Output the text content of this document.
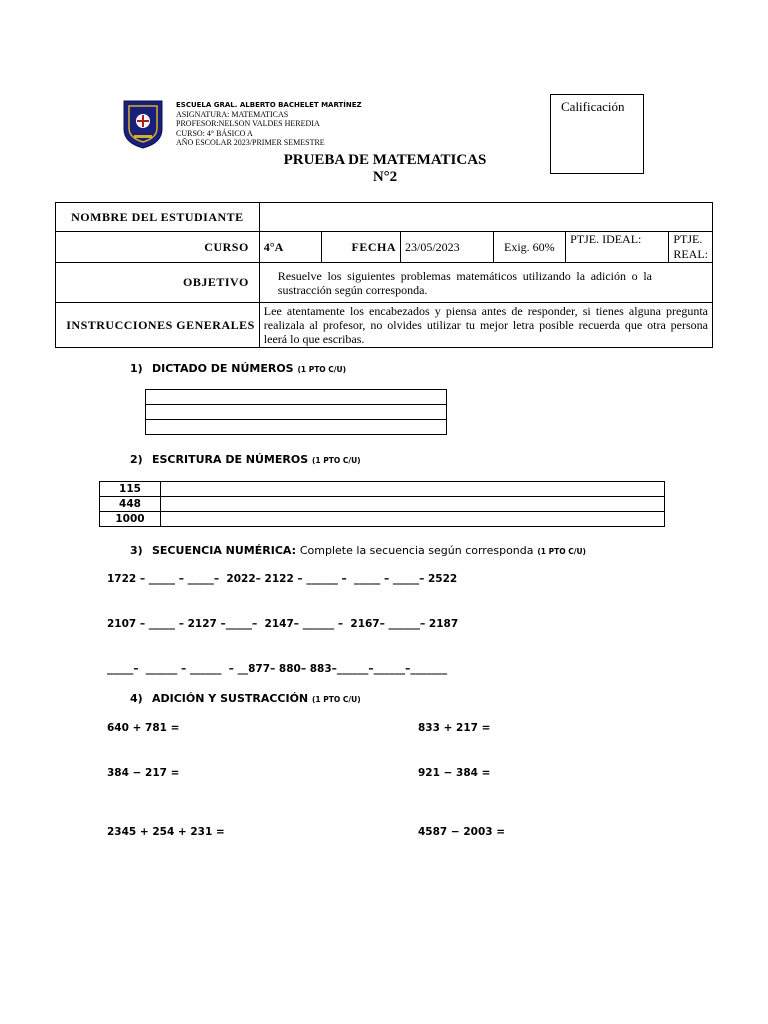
ESCUELA GRAL. ALBERTO BACHELET MARTÍNEZ
ASIGNATURA: MATEMATICAS
PROFESOR:NELSON VALDES HEREDIA
CURSO: 4° BÁSICO A
AÑO ESCOLAR 2023/PRIMER SEMESTRE
Calificación
PRUEBA DE MATEMATICAS
N°2
NOMBRE DEL ESTUDIANTE						
CURSO	4°A	FECHA	23/05/2023	Exig. 60%	PTJE. IDEAL:	PTJE. REAL:
OBJETIVO	Resuelve los siguientes problemas matemáticos utilizando la adición o la sustracción según corresponda.					
INSTRUCCIONES GENERALES	Lee atentamente los encabezados y piensa antes de responder, si tienes alguna pregunta realizala al profesor, no olvides utilizar tu mejor letra posible recuerda que otra persona leerá lo que escribas.					
1) DICTADO DE NÚMEROS (1 PTO C/U)

2) ESCRITURA DE NÚMEROS (1 PTO C/U)
115	
448	
1000	
3) SECUENCIA NUMÉRICA: Complete la secuencia según corresponda (1 PTO C/U)
1722 – _____ – _____–  2022– 2122 – ______ –  _____ – _____– 2522
2107 – _____ – 2127 –_____–  2147– ______ –  2167– ______– 2187
_____–  ______ – ______  – __877– 880– 883–______–______–_______
4) ADICIÓN Y SUSTRACCIÓN (1 PTO C/U)
640 + 781 =	833 + 217 =
384 − 217 =	921 − 384 =
2345 + 254 + 231 =	4587 − 2003 =
